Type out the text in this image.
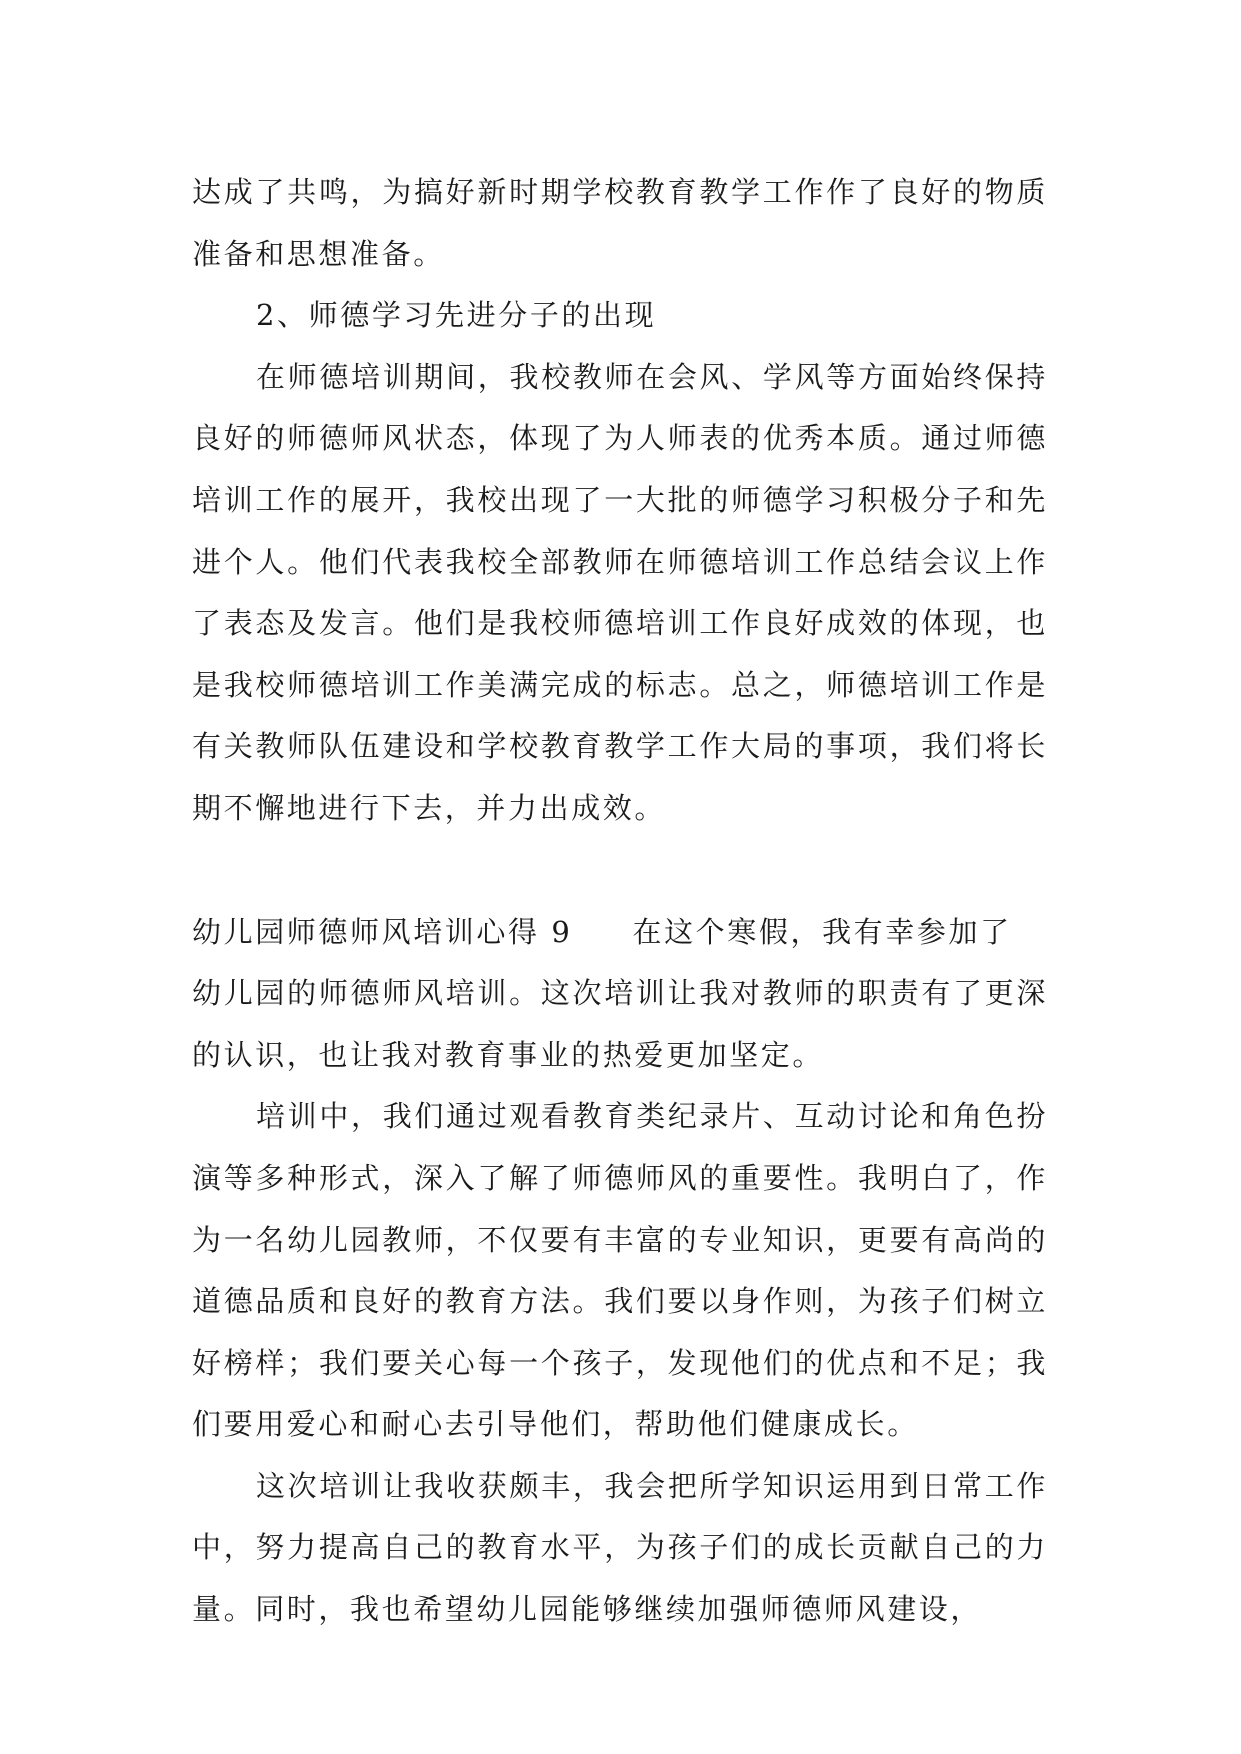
达成了共鸣，为搞好新时期学校教育教学工作作了良好的物质准备和思想准备。

2、师德学习先进分子的出现

在师德培训期间，我校教师在会风、学风等方面始终保持良好的师德师风状态，体现了为人师表的优秀本质。通过师德培训工作的展开，我校出现了一大批的师德学习积极分子和先进个人。他们代表我校全部教师在师德培训工作总结会议上作了表态及发言。他们是我校师德培训工作良好成效的体现，也是我校师德培训工作美满完成的标志。总之，师德培训工作是有关教师队伍建设和学校教育教学工作大局的事项，我们将长期不懈地进行下去，并力出成效。

幼儿园师德师风培训心得 9 在这个寒假，我有幸参加了

幼儿园的师德师风培训。这次培训让我对教师的职责有了更深的认识，也让我对教育事业的热爱更加坚定。

培训中，我们通过观看教育类纪录片、互动讨论和角色扮演等多种形式，深入了解了师德师风的重要性。我明白了，作为一名幼儿园教师，不仅要有丰富的专业知识，更要有高尚的道德品质和良好的教育方法。我们要以身作则，为孩子们树立好榜样；我们要关心每一个孩子，发现他们的优点和不足；我们要用爱心和耐心去引导他们，帮助他们健康成长。

这次培训让我收获颇丰，我会把所学知识运用到日常工作中，努力提高自己的教育水平，为孩子们的成长贡献自己的力量。同时，我也希望幼儿园能够继续加强师德师风建设，
